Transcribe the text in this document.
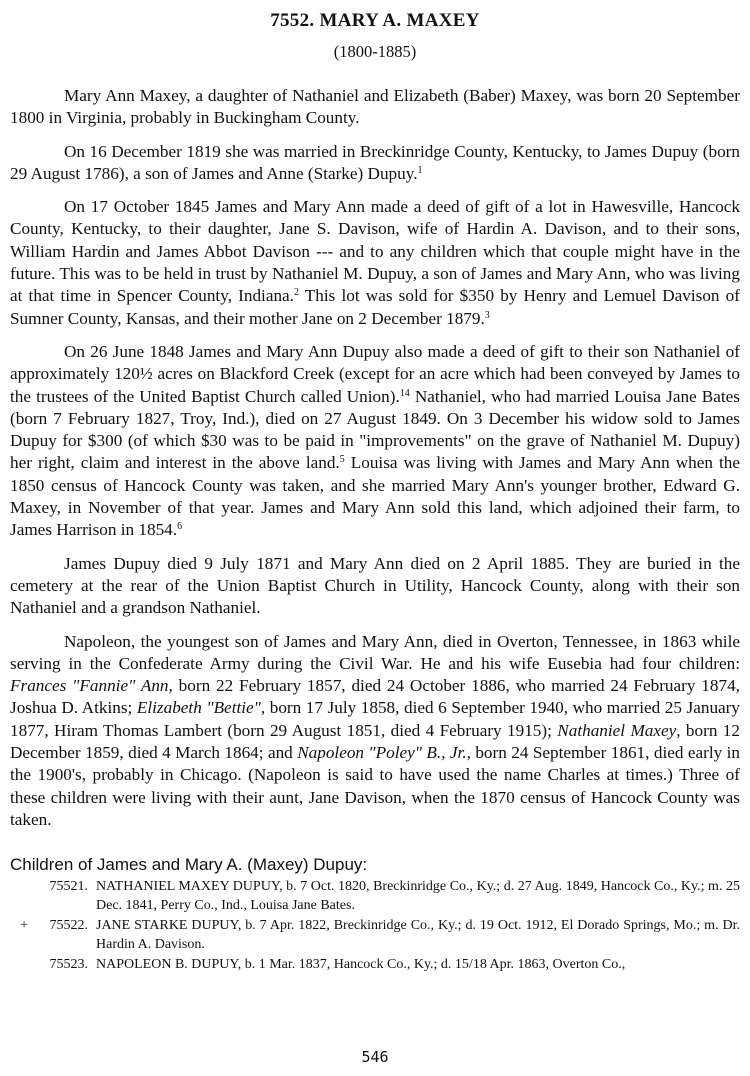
7552. MARY A. MAXEY
(1800-1885)

Mary Ann Maxey, a daughter of Nathaniel and Elizabeth (Baber) Maxey, was born 20 September 1800 in Virginia, probably in Buckingham County.

On 16 December 1819 she was married in Breckinridge County, Kentucky, to James Dupuy (born 29 August 1786), a son of James and Anne (Starke) Dupuy.$^1$

On 17 October 1845 James and Mary Ann made a deed of gift of a lot in Hawesville, Hancock County, Kentucky, to their daughter, Jane S. Davison, wife of Hardin A. Davison, and to their sons, William Hardin and James Abbot Davison --- and to any children which that couple might have in the future. This was to be held in trust by Nathaniel M. Dupuy, a son of James and Mary Ann, who was living at that time in Spencer County, Indiana.$^2$ This lot was sold for $350 by Henry and Lemuel Davison of Sumner County, Kansas, and their mother Jane on 2 December 1879.$^3$

On 26 June 1848 James and Mary Ann Dupuy also made a deed of gift to their son Nathaniel of approximately 120½ acres on Blackford Creek (except for an acre which had been conveyed by James to the trustees of the United Baptist Church called Union).$^{14}$ Nathaniel, who had married Louisa Jane Bates (born 7 February 1827, Troy, Ind.), died on 27 August 1849. On 3 December his widow sold to James Dupuy for $300 (of which $30 was to be paid in "improvements" on the grave of Nathaniel M. Dupuy) her right, claim and interest in the above land.$^5$ Louisa was living with James and Mary Ann when the 1850 census of Hancock County was taken, and she married Mary Ann's younger brother, Edward G. Maxey, in November of that year. James and Mary Ann sold this land, which adjoined their farm, to James Harrison in 1854.$^6$

James Dupuy died 9 July 1871 and Mary Ann died on 2 April 1885. They are buried in the cemetery at the rear of the Union Baptist Church in Utility, Hancock County, along with their son Nathaniel and a grandson Nathaniel.

Napoleon, the youngest son of James and Mary Ann, died in Overton, Tennessee, in 1863 while serving in the Confederate Army during the Civil War. He and his wife Eusebia had four children: Frances "Fannie" Ann, born 22 February 1857, died 24 October 1886, who married 24 February 1874, Joshua D. Atkins; Elizabeth "Bettie", born 17 July 1858, died 6 September 1940, who married 25 January 1877, Hiram Thomas Lambert (born 29 August 1851, died 4 February 1915); Nathaniel Maxey, born 12 December 1859, died 4 March 1864; and Napoleon "Poley" B., Jr., born 24 September 1861, died early in the 1900's, probably in Chicago. (Napoleon is said to have used the name Charles at times.) Three of these children were living with their aunt, Jane Davison, when the 1870 census of Hancock County was taken.

Children of James and Mary A. (Maxey) Dupuy:
75521. NATHANIEL MAXEY DUPUY, b. 7 Oct. 1820, Breckinridge Co., Ky.; d. 27 Aug. 1849, Hancock Co., Ky.; m. 25 Dec. 1841, Perry Co., Ind., Louisa Jane Bates.
+	75522. JANE STARKE DUPUY, b. 7 Apr. 1822, Breckinridge Co., Ky.; d. 19 Oct. 1912, El Dorado Springs, Mo.; m. Dr. Hardin A. Davison.
75523. NAPOLEON B. DUPUY, b. 1 Mar. 1837, Hancock Co., Ky.; d. 15/18 Apr. 1863, Overton Co.,
546
